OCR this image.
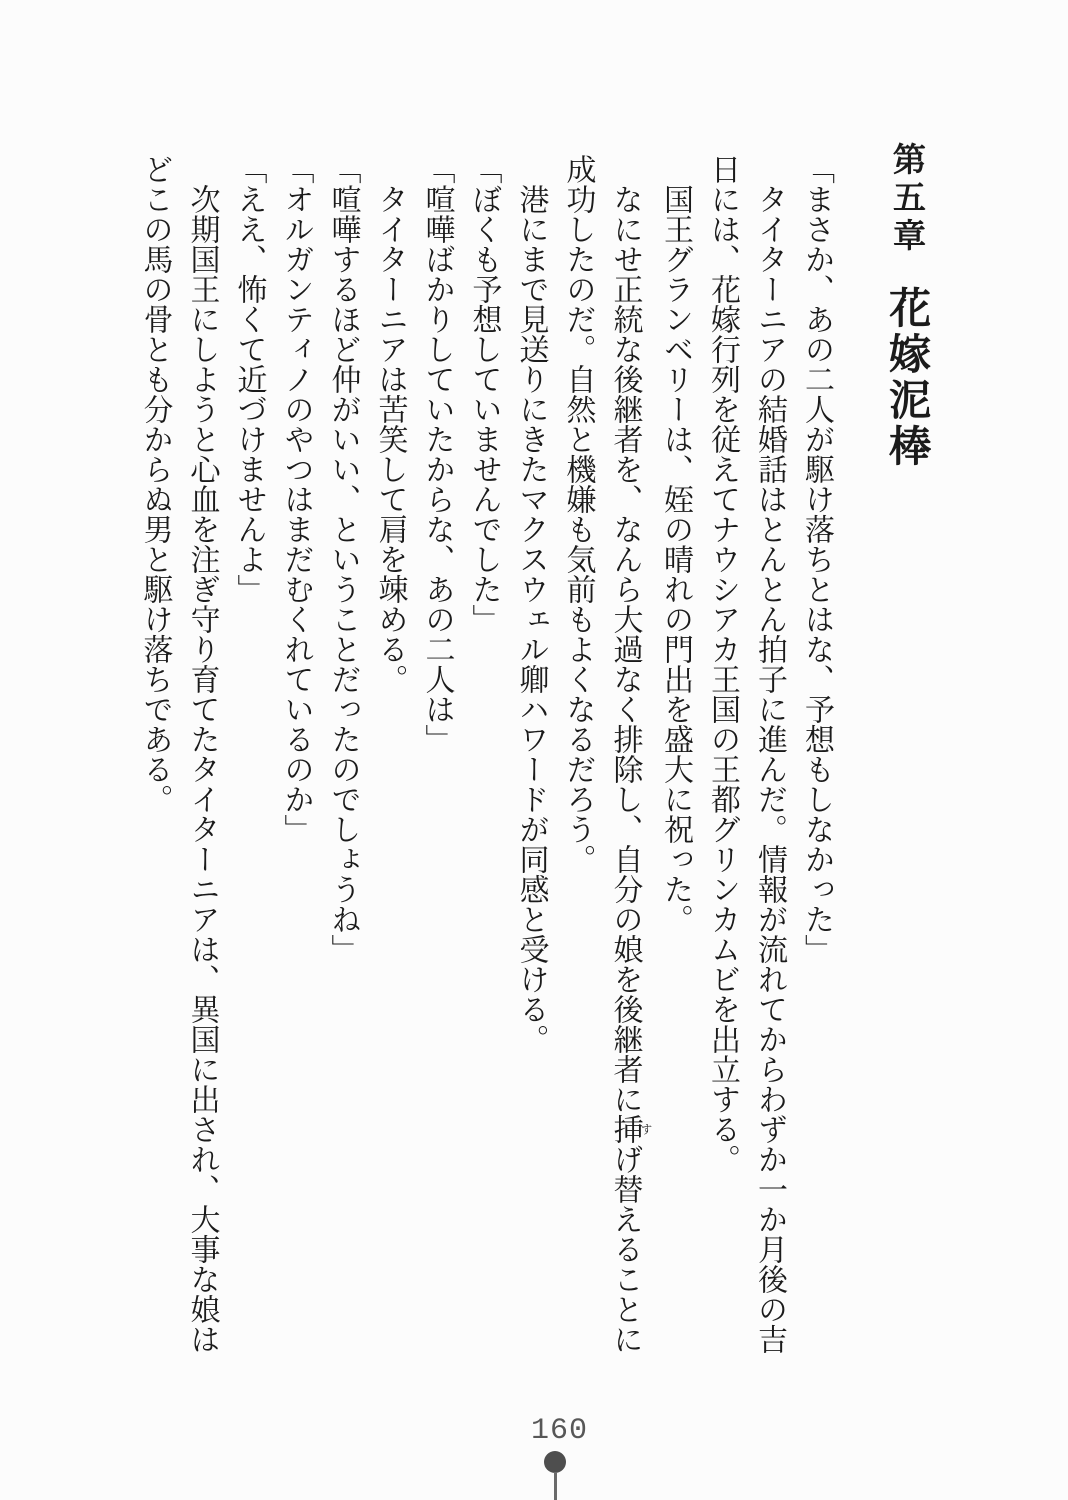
第五章花嫁泥棒

「まさか、あの二人が駆け落ちとはな、予想もしなかった」

　タイターニアの結婚話はとんとん拍子に進んだ。情報が流れてからわずか一か月後の吉
日には、花嫁行列を従えてナウシアカ王国の王都グリンカムビを出立する。

　国王グランベリーは、姪の晴れの門出を盛大に祝った。

　なにせ正統な後継者を、なんら大過なく排除し、自分の娘を後継者に挿すげ替えることに
成功したのだ。自然と機嫌も気前もよくなるだろう。

　港にまで見送りにきたマクスウェル卿ハワードが同感と受ける。

「ぼくも予想していませんでした」

「喧嘩ばかりしていたからな、あの二人は」

　タイターニアは苦笑して肩を竦める。

「喧嘩するほど仲がいい、ということだったのでしょうね」

「オルガンティノのやつはまだむくれているのか」

「ええ、怖くて近づけませんよ」

　次期国王にしようと心血を注ぎ守り育てたタイターニアは、異国に出され、大事な娘は
どこの馬の骨とも分からぬ男と駆け落ちである。

160
